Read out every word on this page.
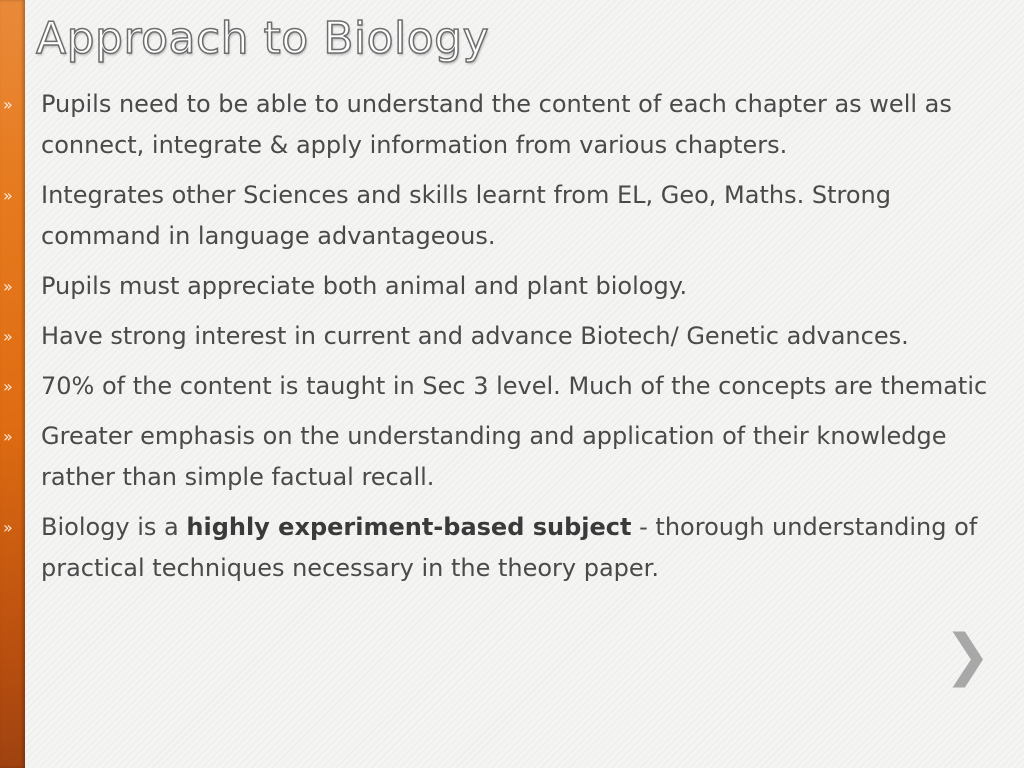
Approach to Biology
» Pupils need to be able to understand the content of each chapter as well as connect, integrate & apply information from various chapters.
» Integrates other Sciences and skills learnt from EL, Geo, Maths. Strong command in language advantageous.
» Pupils must appreciate both animal and plant biology.
» Have strong interest in current and advance Biotech/ Genetic advances.
» 70% of the content is taught in Sec 3 level. Much of the concepts are thematic
» Greater emphasis on the understanding and application of their knowledge rather than simple factual recall.
» Biology is a highly experiment-based subject - thorough understanding of practical techniques necessary in the theory paper.
❯
